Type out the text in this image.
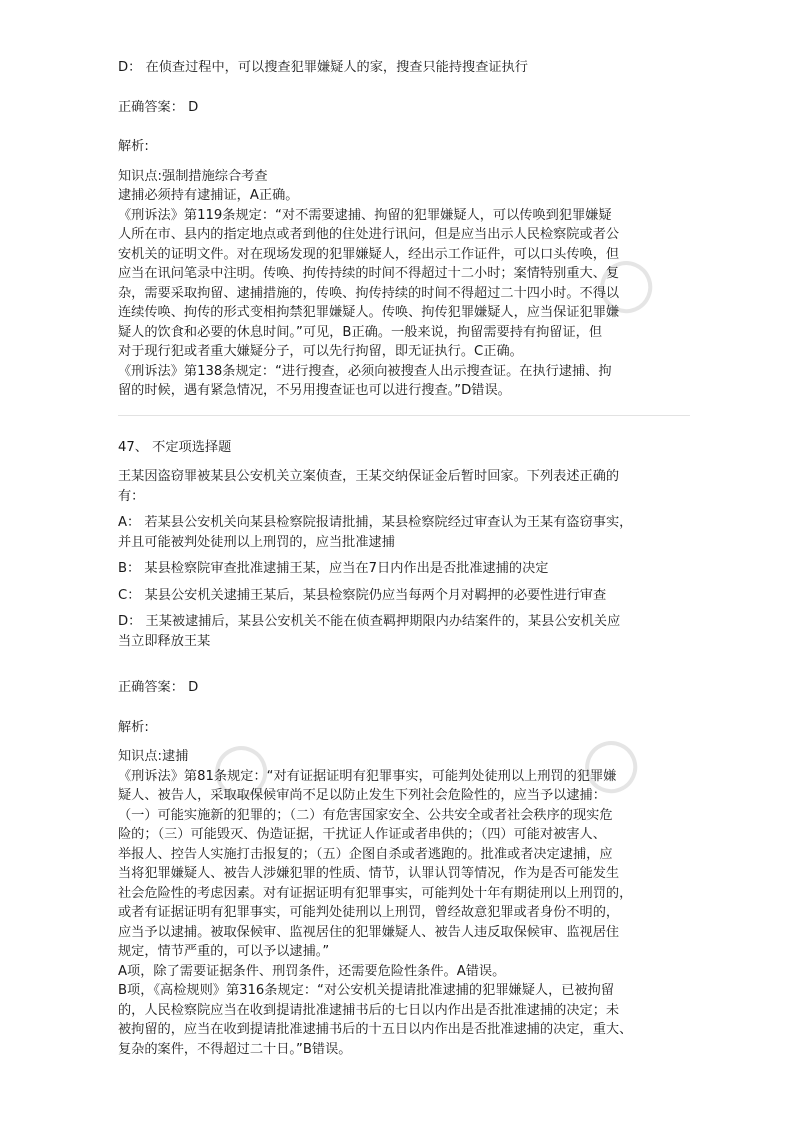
D： 在侦查过程中，可以搜查犯罪嫌疑人的家，搜查只能持搜查证执行
正确答案： D
解析:
知识点:强制措施综合考查
逮捕必须持有逮捕证，A正确。
《刑诉法》第119条规定：“对不需要逮捕、拘留的犯罪嫌疑人，可以传唤到犯罪嫌疑
人所在市、县内的指定地点或者到他的住处进行讯问，但是应当出示人民检察院或者公
安机关的证明文件。对在现场发现的犯罪嫌疑人，经出示工作证件，可以口头传唤，但
应当在讯问笔录中注明。传唤、拘传持续的时间不得超过十二小时；案情特别重大、复
杂，需要采取拘留、逮捕措施的，传唤、拘传持续的时间不得超过二十四小时。不得以
连续传唤、拘传的形式变相拘禁犯罪嫌疑人。传唤、拘传犯罪嫌疑人，应当保证犯罪嫌
疑人的饮食和必要的休息时间。”可见，B正确。一般来说，拘留需要持有拘留证，但
对于现行犯或者重大嫌疑分子，可以先行拘留，即无证执行。C正确。
《刑诉法》第138条规定：“进行搜查，必须向被搜查人出示搜查证。在执行逮捕、拘
留的时候，遇有紧急情况，不另用搜查证也可以进行搜查。”D错误。
47、 不定项选择题
王某因盗窃罪被某县公安机关立案侦查，王某交纳保证金后暂时回家。下列表述正确的
有：
A： 若某县公安机关向某县检察院报请批捕，某县检察院经过审查认为王某有盗窃事实，
并且可能被判处徒刑以上刑罚的，应当批准逮捕
B： 某县检察院审查批准逮捕王某，应当在7日内作出是否批准逮捕的决定
C： 某县公安机关逮捕王某后，某县检察院仍应当每两个月对羁押的必要性进行审查
D： 王某被逮捕后，某县公安机关不能在侦查羁押期限内办结案件的，某县公安机关应
当立即释放王某
正确答案： D
解析:
知识点:逮捕
《刑诉法》第81条规定：“对有证据证明有犯罪事实，可能判处徒刑以上刑罚的犯罪嫌
疑人、被告人，采取取保候审尚不足以防止发生下列社会危险性的，应当予以逮捕：
（一）可能实施新的犯罪的；（二）有危害国家安全、公共安全或者社会秩序的现实危
险的；（三）可能毁灭、伪造证据，干扰证人作证或者串供的；（四）可能对被害人、
举报人、控告人实施打击报复的；（五）企图自杀或者逃跑的。批准或者决定逮捕，应
当将犯罪嫌疑人、被告人涉嫌犯罪的性质、情节，认罪认罚等情况，作为是否可能发生
社会危险性的考虑因素。对有证据证明有犯罪事实，可能判处十年有期徒刑以上刑罚的，
或者有证据证明有犯罪事实，可能判处徒刑以上刑罚，曾经故意犯罪或者身份不明的，
应当予以逮捕。被取保候审、监视居住的犯罪嫌疑人、被告人违反取保候审、监视居住
规定，情节严重的，可以予以逮捕。”
A项，除了需要证据条件、刑罚条件，还需要危险性条件。A错误。
B项，《高检规则》第316条规定：“对公安机关提请批准逮捕的犯罪嫌疑人，已被拘留
的，人民检察院应当在收到提请批准逮捕书后的七日以内作出是否批准逮捕的决定；未
被拘留的，应当在收到提请批准逮捕书后的十五日以内作出是否批准逮捕的决定，重大、
复杂的案件，不得超过二十日。”B错误。
